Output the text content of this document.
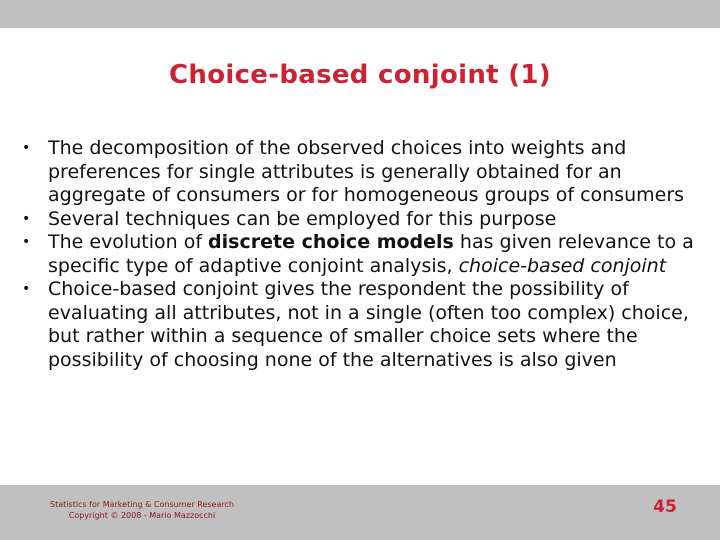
Choice-based conjoint (1)
• The decomposition of the observed choices into weights and preferences for single attributes is generally obtained for an aggregate of consumers or for homogeneous groups of consumers
• Several techniques can be employed for this purpose
• The evolution of discrete choice models has given relevance to a specific type of adaptive conjoint analysis, choice-based conjoint
• Choice-based conjoint gives the respondent the possibility of evaluating all attributes, not in a single (often too complex) choice, but rather within a sequence of smaller choice sets where the possibility of choosing none of the alternatives is also given
Statistics for Marketing & Consumer Research
Copyright © 2008 - Mario Mazzocchi	45
